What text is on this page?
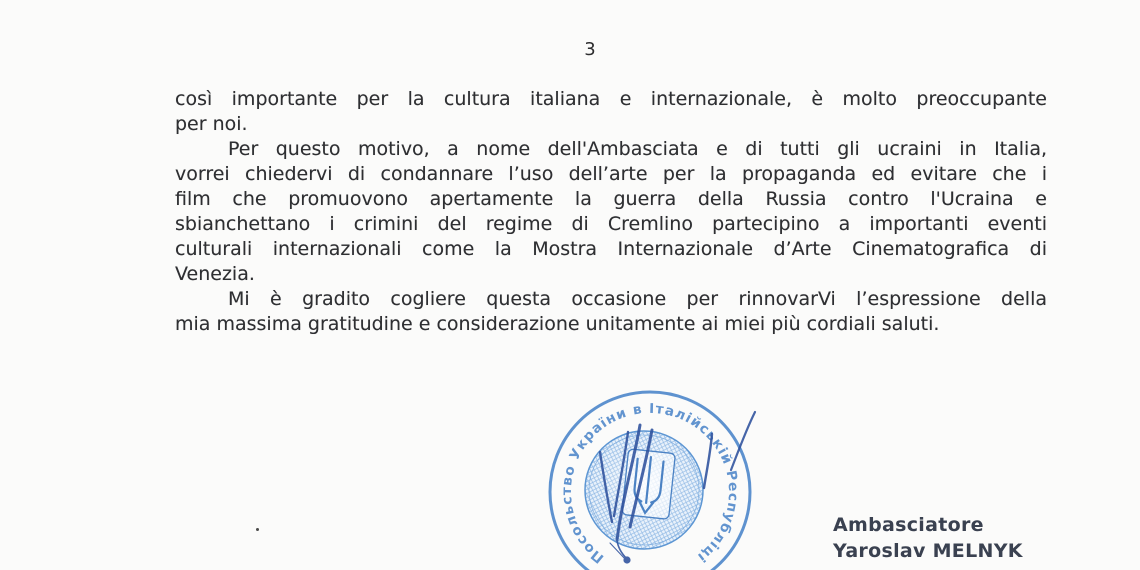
3
così importante per la cultura italiana e internazionale, è molto preoccupante
per noi.
Per questo motivo, a nome dell'Ambasciata e di tutti gli ucraini in Italia,
vorrei chiedervi di condannare l’uso dell’arte per la propaganda ed evitare che i
film che promuovono apertamente la guerra della Russia contro l'Ucraina e
sbianchettano i crimini del regime di Cremlino partecipino a importanti eventi
culturali internazionali come la Mostra Internazionale d’Arte Cinematografica di
Venezia.
Mi è gradito cogliere questa occasione per rinnovarVi l’espressione della
mia massima gratitudine e considerazione unitamente ai miei più cordiali saluti.
Посольство України в Італійській Республіці
Ambasciatore
Yaroslav MELNYK
